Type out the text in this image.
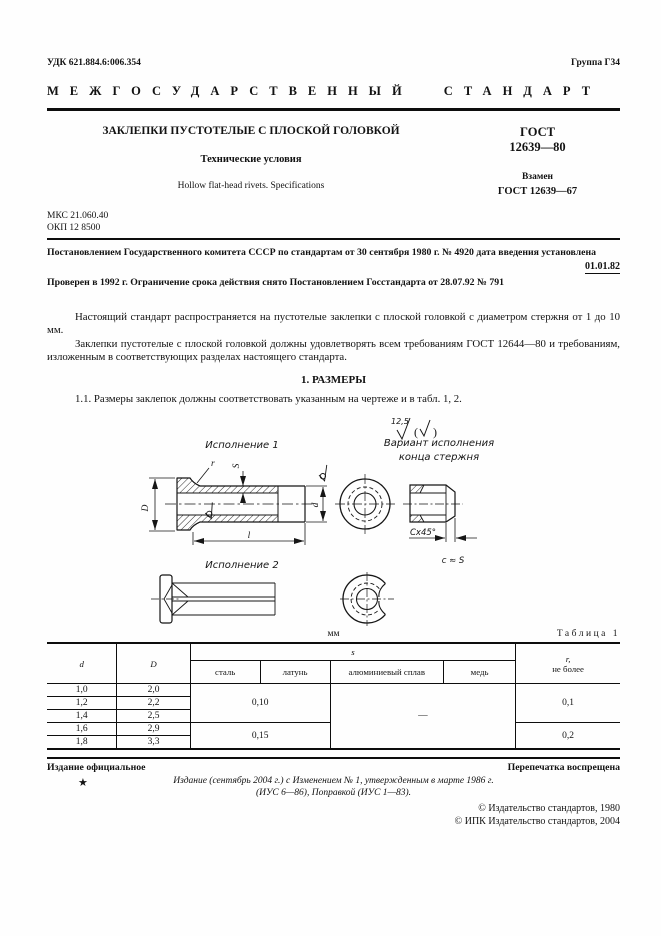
УДК 621.884.6:006.354	Группа Г34
МЕЖГОСУДАРСТВЕННЫЙ СТАНДАРТ
ЗАКЛЕПКИ ПУСТОТЕЛЫЕ С ПЛОСКОЙ ГОЛОВКОЙ
Технические условия
Hollow flat-head rivets. Specifications
ГОСТ
12639—80
Взамен
ГОСТ 12639—67
МКС 21.060.40
ОКП 12 8500
Постановлением Государственного комитета СССР по стандартам от 30 сентября 1980 г. № 4920 дата введения установлена
01.01.82
Проверен в 1992 г. Ограничение срока действия снято Постановлением Госстандарта от 28.07.92 № 791

Настоящий стандарт распространяется на пустотелые заклепки с плоской головкой с диаметром стержня от 1 до 10 мм.

Заклепки пустотелые с плоской головкой должны удовлетворять всем требованиям ГОСТ 12644—80 и требованиям, изложенным в соответствующих разделах настоящего стандарта.

1. РАЗМЕРЫ

1.1. Размеры заклепок должны соответствовать указанным на чертеже и в табл. 1, 2.

12,5
( )
Исполнение 1	Вариант исполнения
конца стержня
D
r S
d
l	Сх45°
с ≈ S
Исполнение 2
мм	Таблица 1
d	D	s				r,
не более

		сталь	латунь	алюминиевый сплав	медь	
1,0	2,0	0,10		—		0,1
1,2	2,2					
1,4	2,5					
1,6	2,9	0,15				0,2
1,8	3,3					
Издание официальное	Перепечатка воспрещена
★	Издание (сентябрь 2004 г.) с Изменением № 1, утвержденным в марте 1986 г.
(ИУС 6—86), Поправкой (ИУС 1—83).
© Издательство стандартов, 1980
© ИПК Издательство стандартов, 2004
